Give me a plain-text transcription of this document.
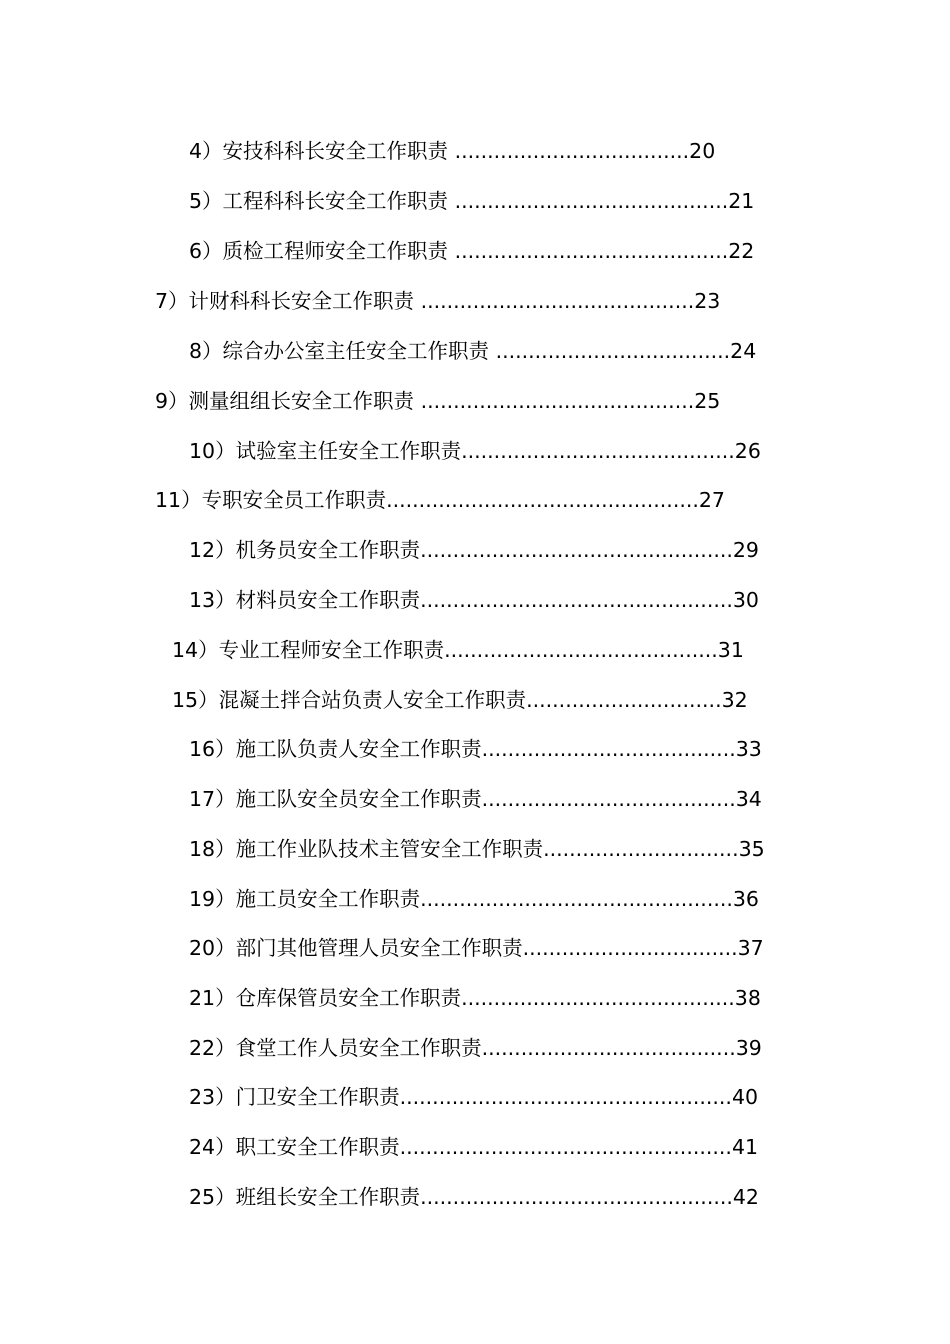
4）安技科科长安全工作职责 ....................................20
5）工程科科长安全工作职责 ..........................................21
6）质检工程师安全工作职责 ..........................................22
7）计财科科长安全工作职责 ..........................................23
8）综合办公室主任安全工作职责 ....................................24
9）测量组组长安全工作职责 ..........................................25
10）试验室主任安全工作职责..........................................26
11）专职安全员工作职责................................................27
12）机务员安全工作职责................................................29
13）材料员安全工作职责................................................30
14）专业工程师安全工作职责..........................................31
15）混凝土拌合站负责人安全工作职责..............................32
16）施工队负责人安全工作职责.......................................33
17）施工队安全员安全工作职责.......................................34
18）施工作业队技术主管安全工作职责..............................35
19）施工员安全工作职责................................................36
20）部门其他管理人员安全工作职责.................................37
21）仓库保管员安全工作职责..........................................38
22）食堂工作人员安全工作职责.......................................39
23）门卫安全工作职责...................................................40
24）职工安全工作职责...................................................41
25）班组长安全工作职责................................................42
